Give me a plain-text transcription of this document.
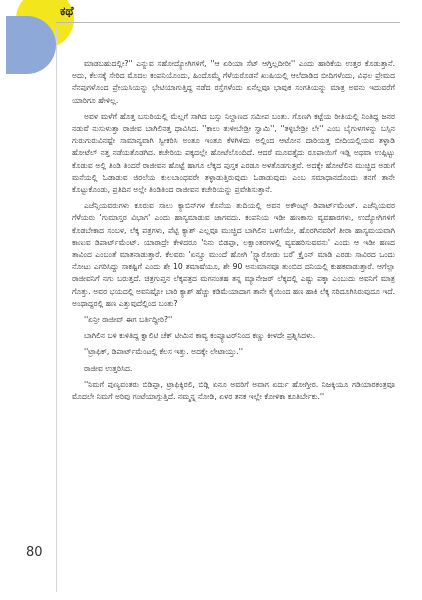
ಕಥೆ

ಮಾಡಬಹುದಲ್ಲೀ?'' ಎನ್ನುವ ಸಹೋದ್ಯೋಗಿಗಳಿಗೆ, ''ಆ ಏರಿಯಾ ಸೆಟ್ ಆಗ್ತಿಲ್ಲದೀರೀ'' ಎಂದು ಹಾರಿಕೆಯ ಉತ್ತರ ಕೊಡುತ್ತಾನೆ. ಅದು, ಕೆಲಸಕ್ಕೆ ಸೇರಿದ ಮೊದಲ ಕಂಪನಿಯೊಂದು, ಹಿಂದೊಮ್ಮೆ ಗೆಳೆಯರೊಡನೆ ಖುಷಿಯಲ್ಲಿ ಆಲೆದಾಡಿದ ಬೀದಿಗಳೆಂದು, ವಿಫಲ ಪ್ರೇಮದ ನೆನಪುಗಳೊಂದ ಪ್ರೇಯಸಿಯನ್ನು ಭೇಟಿಯಾಗುತ್ತಿದ್ದ ನಡೆದ ರಸ್ತೆಗಳೆಂದು ಏನೆಲ್ಲವೂ ಭಾವುಕ ಸಂಗತಿಯನ್ನು ಮಾತ್ರ ಅವನು ಇದುವರೆಗೆ ಯಾರಿಗೂ ಹೇಳಿಲ್ಲ.

ಅವಳ ಮಳೆಗೆ ಹೊತ್ತ ಬಸುರಿಯಲ್ಲಿ ಮೆಲ್ಲಗೆ ಸಾಗಿದ ಬಸ್ಸು ನಿಲ್ದಾಣದ ಸಮೀಪ ಬಂತು. ಗೊಣಗಿ ಕಟ್ಟೆಯ ರೀತಿಯಲ್ಲಿ ನಿಂತಿದ್ದ ಜನರ ನಡುವೆ ನುಸುಳುತ್ತಾ ರಾಜೀವ ಬಾಗಿಲಿನತ್ತ ಧಾವಿಸಿದ. ''ಕಾಲು ತುಳೀಬೇಡ್ರೀ ಸ್ವಾಮಿ'', ''ತಳ್ಳಬೇಡ್ರೀ ಲೇ'' ಎಂಬ ಬೈಗುಳಗಳನ್ನು ಬಸ್ಸಿನ ಗುರುಗುರುವಿನಷ್ಟೇ ಸಾಮಾನ್ಯವಾಗಿ ಸ್ವೀಕರಿಸಿ ಅಂತೂ ಇಂತೂ ಕೆಳಗಿಳಿದು ಅಲ್ಲಿಂದ ಆಟೋನ ದಾರಿಯತ್ತ ಬೀದಿಯಲ್ಲಿಯವ ತಳ್ಳಾಡಿ ಹೋಟೆಲ್ ನತ್ತ ನಡೆಯತೊಡಗಿದ. ಕಚೇರಿಯ ಪಕ್ಕದಲ್ಲೇ ಹೋಟೆಲೊಂದಿದೆ. ಆದರೆ ಮೂವತ್ತೈದು ರೂಪಾಯಿಗೆ ಇಡ್ಲಿ ಅಥವಾ ಉಪ್ಪಿಟ್ಟು ಕೊಡುವ ಅಲ್ಲಿ ತಿಂಡಿ ತಿಂದರೆ ರಾಜೀವನ ಹೊಟ್ಟೆ ಹಾಗೂ ಲೆಕ್ಕದ ಪುಸ್ತಕ ಎರಡೂ ಅಳತೊಡಗುತ್ತವೆ. ಅದಕ್ಕೇ ಹೋಟೆಲಿನ ಮುಚ್ಚಿದ ಅಡುಗೆ ಮನೆಯಲ್ಲಿ ಓಡಾಡುವ ಜಿರಲೆಯ ಕುಲಬಾಂಧವರೇ ತಳ್ಳಾಡುತ್ತಿರುವುದು ಓಡಾಡುವುದು ಎಂಬ ಸಮಾಧಾನದೊಂದು ತನಗೆ ತಾನೇ ಕೊಟ್ಟುಕೊಂಡು, ಪ್ರತಿದಿನ ಅಲ್ಲೇ ತಿಂಡಿತಿಂದ ರಾಜೀವನ ಕಚೇರಿಯನ್ನು ಪ್ರವೇಶಿಸುತ್ತಾನೆ.

ಎಜೆನ್ಸಿಯವರುಗಳು ಕೂರುವ ಸಾಲು ಕ್ಯಾಬಿನ್‌ಗಳ ಕೊನೆಯ ತುದಿಯಲ್ಲಿ ಅವನ ಅಕೌಂಟ್ಸ್ ಡಿಪಾರ್ಟ್‌ಮೆಂಟ್. ಎಜೆನ್ಸಿಯವರ ಗೆಳೆಯರು 'ಗುಮಾಸ್ತರ ವಿಭಾಗ' ಎಂದು ಹಾಸ್ಯಮಾಡುವ ಜಾಗವದು. ಕಂಪನಿಯ ಇಡೀ ಹಣಕಾಸು ವ್ಯವಹಾರಗಳು, ಉದ್ಯೋಗಿಗಳಿಗೆ ಕೊಡಬೇಕಾದ ಸಂಬಳ, ಲೆಕ್ಕ ಪತ್ರಗಳು, ಪೆಟ್ಟಿ ಕ್ಯಾಶ್ ಎಲ್ಲವೂ ಮುಚ್ಚಿದ ಬಾಗಿಲಿನ ಒಳಗೆಯೇ, ಹೊರಗಿನವರಿಗೆ ತೀರಾ ಹಾಸ್ಯಮಯವಾಗಿ ಕಾಣುವ ಡಿಪಾರ್ಟ್‌ಮೆಂಟ್. ಯಾರಾದ್ರೇ ಕೇಳಿದರೂ 'ನಿನು ಬಿಡಪ್ಪಾ, ಲಕ್ಷಾಂತರಗಳಲ್ಲಿ ವ್ಯವಹರಿಸುವವನು' ಎಂದು ಆ ಇಡೀ ಹಣದ ತಾವಿಂದ ಎಂಬಂತೆ ಮಾತನಾಡುತ್ತಾರೆ. ಕೆಲವರು 'ಏನ್ಸ್ರೂ ಮುಂದೆ ಹೋಗಿ 'ಸ್ಟ್ಯಾರೋಡು ಬರೆ' ಕ್ರೈಂನ್ ಮಾಡಿ ಎರಡು ಸಾವಿರದ ಒಂದು ನೋಟು ಎಗರಿಸಿದ್ದು ಸಾಕಷ್ಟಿಗೆ ಎಂದು ಶೇ 10 ತಮಾಷೆಯೂ, ಶೇ 90 ಅನುಮಾನವೂ ತುಂಬಿದ ದನಿಯಲ್ಲಿ ಕುಹಕವಾಡುತ್ತಾರೆ. ಆಗೆಲ್ಲಾ ರಾಜೀವನಿಗೆ ನಗು ಬರುತ್ತದೆ. ಚಿತ್ರಗುಪ್ತನ ಲೆಕ್ಕಪತ್ರದ ಮಗನಂತಹ ತನ್ನ ಮ್ಯಾನೇಜರ್ ಲೆಕ್ಕದಲ್ಲಿ ಎಷ್ಟು ಪಕ್ಕಾ ಎಂಬುದು ಅವನಿಗೆ ಮಾತ್ರ ಗೊತ್ತು. ಅವರ ಭಯದಲ್ಲಿ ಅವನಿಷ್ಟೋ ಬಾರಿ ಕ್ಯಾಶ್ ಹೆಚ್ಚು ಕಡಿಮೆಯಾದಾಗ ತಾನೇ ಕೈಯಿಂದ ಹಣ ಹಾಕಿ ಲೆಕ್ಕ ಸರಿದೂಗಿಸಿರುವುದೂ ಇದೆ. ಅಂಥಾದ್ದರಲ್ಲಿ ಹಣ ಎತ್ತುವುದೆಲ್ಲಿಂದ ಬಂತು?

''ಏನ್ರೀ ರಾಜೀವ್ ಈಗ ಬರ್ತಿದ್ದೀರಿ?''

ಬಾಗಿಲಿನ ಬಳಿ ಕುಳಿತಿದ್ದ ಕ್ವಾಲಿಟಿ ಚೆಕ್ ಟೀಮಿನ ಕಾವ್ಯ ಕಂಪ್ಯೂಟರ್‌ನಿಂದ ಕಣ್ಣು ಕೀಳದೇ ಪ್ರಶ್ನಿಸಿದಳು.

''ಟ್ರಾಫಿಕ್, ಡಿಪಾರ್ಟ್‌ಮೆಂಟಲ್ಲಿ ಕೆಲಸ ಇತ್ತು. ಅದಕ್ಕೇ ಲೇಟಾಯ್ತು.''

ರಾಜೀವ ಉತ್ತರಿಸಿದ.

''ನಿಮಗೆ ಪುಣ್ಯವಂತರು ಬಿಡಿಪ್ಪಾ, ಟ್ರಾಫಿಕ್ಕಿರಲಿ, ಬಿಡ್ಲಿ ಏನೂ ಅವರಿಗೆ ಅವಾಗ ಏರ್ದು ಹೋಗ್ತೀರ. ನಿಜಕ್ಕಿಯೂ ಗಡಿಯಾರಕಂತ್ರವೂ ಮೊದಲೇ ನಿಮಗೆ ಅರಿವು ಗಂಟೆಯಾಗ್ಗುತ್ತಿದೆ. ನಮ್ಮನ್ನ ನೋಡಿ, ಏಳರ ತನಕ ಇಲ್ಲೇ ಕೋಳಿಕಾ ಕೂತಿರ್ಬೇಕು.''

80
